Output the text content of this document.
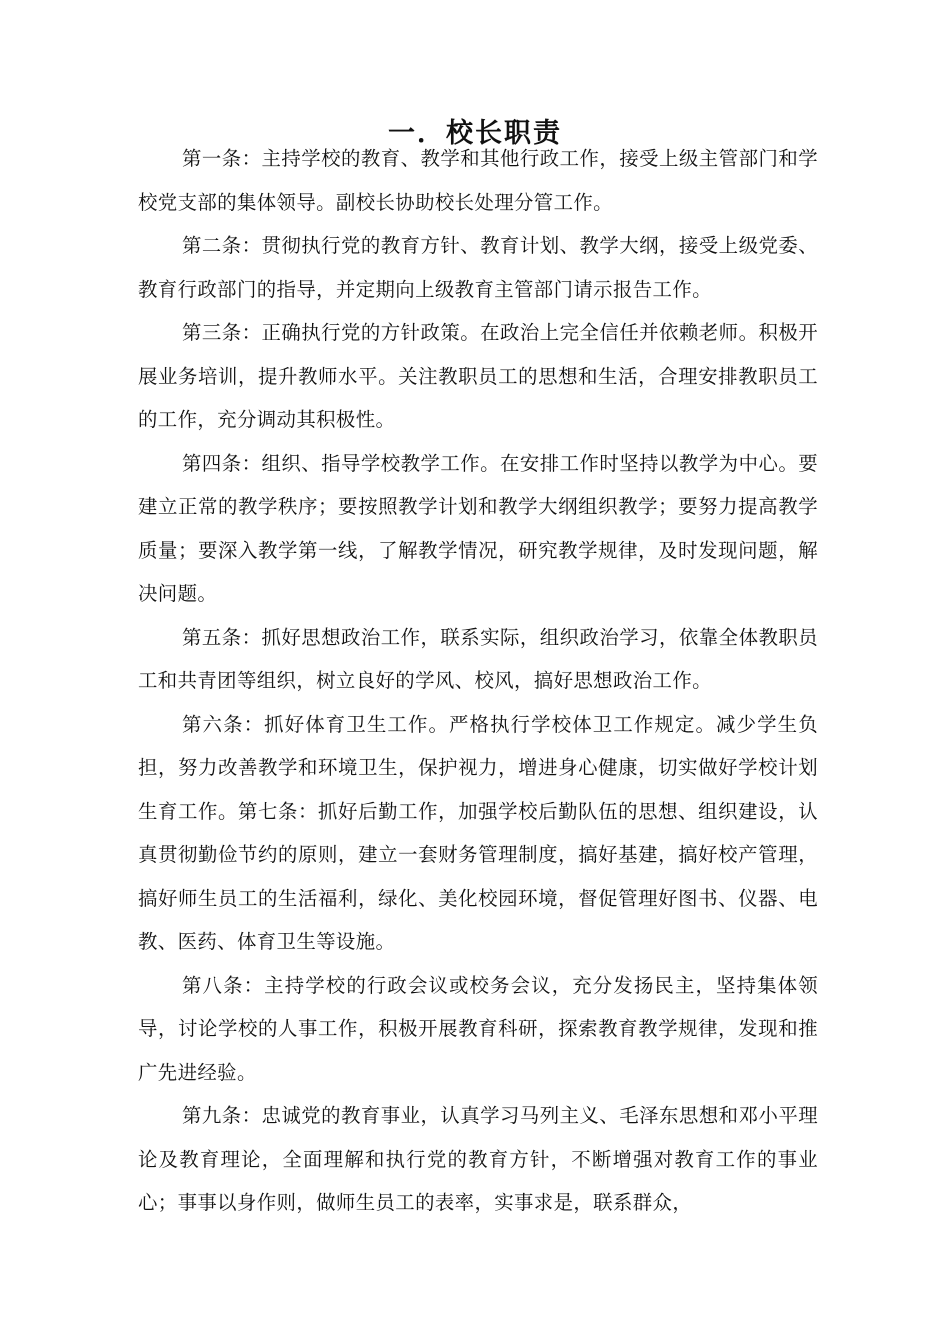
一．校长职责

第一条：主持学校的教育、教学和其他行政工作，接受上级主管部门和学校党支部的集体领导。副校长协助校长处理分管工作。

第二条：贯彻执行党的教育方针、教育计划、教学大纲，接受上级党委、教育行政部门的指导，并定期向上级教育主管部门请示报告工作。

第三条：正确执行党的方针政策。在政治上完全信任并依赖老师。积极开展业务培训，提升教师水平。关注教职员工的思想和生活，合理安排教职员工的工作，充分调动其积极性。

第四条：组织、指导学校教学工作。在安排工作时坚持以教学为中心。要建立正常的教学秩序；要按照教学计划和教学大纲组织教学；要努力提高教学质量；要深入教学第一线，了解教学情况，研究教学规律，及时发现问题，解决问题。

第五条：抓好思想政治工作，联系实际，组织政治学习，依靠全体教职员工和共青团等组织，树立良好的学风、校风，搞好思想政治工作。

第六条：抓好体育卫生工作。严格执行学校体卫工作规定。减少学生负担，努力改善教学和环境卫生，保护视力，增进身心健康，切实做好学校计划生育工作。第七条：抓好后勤工作，加强学校后勤队伍的思想、组织建设，认真贯彻勤俭节约的原则，建立一套财务管理制度，搞好基建，搞好校产管理，搞好师生员工的生活福利，绿化、美化校园环境，督促管理好图书、仪器、电教、医药、体育卫生等设施。

第八条：主持学校的行政会议或校务会议，充分发扬民主，坚持集体领导，讨论学校的人事工作，积极开展教育科研，探索教育教学规律，发现和推广先进经验。

第九条：忠诚党的教育事业，认真学习马列主义、毛泽东思想和邓小平理论及教育理论，全面理解和执行党的教育方针，不断增强对教育工作的事业心；事事以身作则，做师生员工的表率，实事求是，联系群众，
